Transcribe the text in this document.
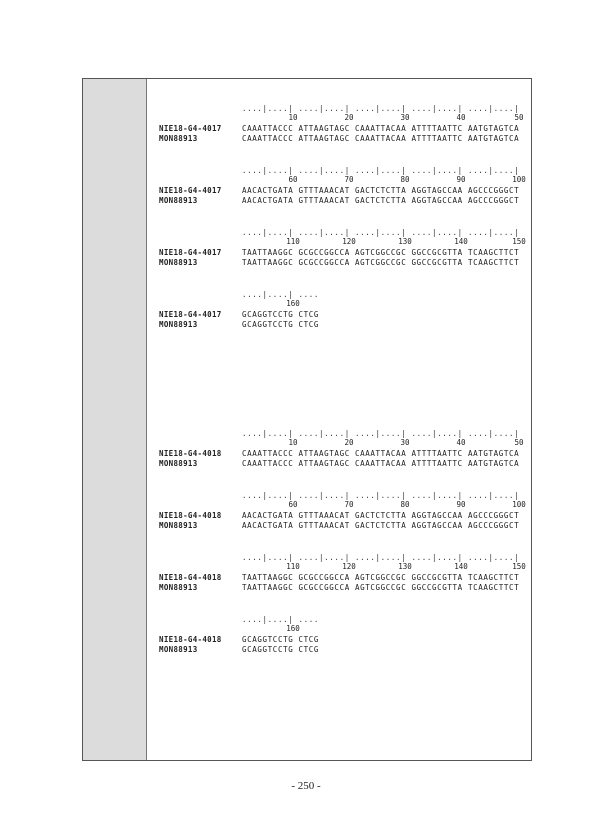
....|....| ....|....| ....|....| ....|....| ....|....|

10

	20

	30

	40

	50

NIE18-G4-4017	CAAATTACCC ATTAAGTAGC CAAATTACAA ATTTTAATTC AATGTAGTCA
MON88913	CAAATTACCC ATTAAGTAGC CAAATTACAA ATTTTAATTC AATGTAGTCA
....|....| ....|....| ....|....| ....|....| ....|....|

60

	70

	80

	90

	100

NIE18-G4-4017	AACACTGATA GTTTAAACAT GACTCTCTTA AGGTAGCCAA AGCCCGGGCT
MON88913	AACACTGATA GTTTAAACAT GACTCTCTTA AGGTAGCCAA AGCCCGGGCT
....|....| ....|....| ....|....| ....|....| ....|....|

110

	120

	130

	140

	150

NIE18-G4-4017	TAATTAAGGC GCGCCGGCCA AGTCGGCCGC GGCCGCGTTA TCAAGCTTCT
MON88913	TAATTAAGGC GCGCCGGCCA AGTCGGCCGC GGCCGCGTTA TCAAGCTTCT
....|....| ....

160

NIE18-G4-4017	GCAGGTCCTG CTCG
MON88913	GCAGGTCCTG CTCG
....|....| ....|....| ....|....| ....|....| ....|....|

10

	20

	30

	40

	50

NIE18-G4-4018	CAAATTACCC ATTAAGTAGC CAAATTACAA ATTTTAATTC AATGTAGTCA
MON88913	CAAATTACCC ATTAAGTAGC CAAATTACAA ATTTTAATTC AATGTAGTCA
....|....| ....|....| ....|....| ....|....| ....|....|

60

	70

	80

	90

	100

NIE18-G4-4018	AACACTGATA GTTTAAACAT GACTCTCTTA AGGTAGCCAA AGCCCGGGCT
MON88913	AACACTGATA GTTTAAACAT GACTCTCTTA AGGTAGCCAA AGCCCGGGCT
....|....| ....|....| ....|....| ....|....| ....|....|

110

	120

	130

	140

	150

NIE18-G4-4018	TAATTAAGGC GCGCCGGCCA AGTCGGCCGC GGCCGCGTTA TCAAGCTTCT
MON88913	TAATTAAGGC GCGCCGGCCA AGTCGGCCGC GGCCGCGTTA TCAAGCTTCT
....|....| ....

160

NIE18-G4-4018	GCAGGTCCTG CTCG
MON88913	GCAGGTCCTG CTCG
- 250 -
